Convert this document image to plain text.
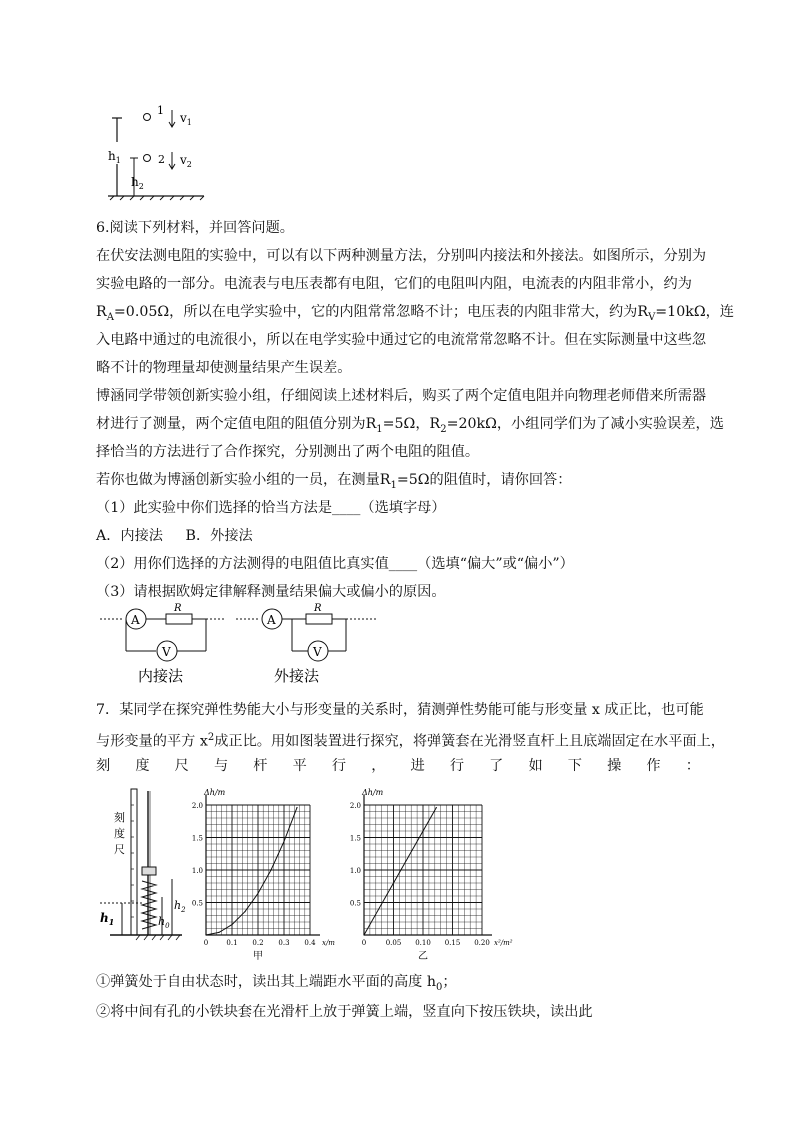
$h_1$
1
$v_1$
2 $v_2$
$h_2$
6.阅读下列材料，并回答问题。
在伏安法测电阻的实验中，可以有以下两种测量方法，分别叫内接法和外接法。如图所示，分别为
实验电路的一部分。电流表与电压表都有电阻，它们的电阻叫内阻，电流表的内阻非常小，约为
$R_A=0.05\Omega$，所以在电学实验中，它的内阻常常忽略不计；电压表的内阻非常大，约为$R_V=10k\Omega$，连
入电路中通过的电流很小，所以在电学实验中通过它的电流常常忽略不计。但在实际测量中这些忽
略不计的物理量却使测量结果产生误差。
博涵同学带领创新实验小组，仔细阅读上述材料后，购买了两个定值电阻并向物理老师借来所需器
材进行了测量，两个定值电阻的阻值分别为$R_1=5\Omega$，$R_2=20k\Omega$，小组同学们为了减小实验误差，选
择恰当的方法进行了合作探究，分别测出了两个电阻的阻值。
若你也做为博涵创新实验小组的一员，在测量$R_1=5\Omega$的阻值时，请你回答：
（1）此实验中你们选择的恰当方法是____（选填字母）
A．内接法     B．外接法
（2）用你们选择的方法测得的电阻值比真实值____（选填“偏大”或“偏小”）
（3）请根据欧姆定律解释测量结果偏大或偏小的原因。
A
V
R
内接法
A
V
R
外接法
7．某同学在探究弹性势能大小与形变量的关系时，猜测弹性势能可能与形变量 x 成正比，也可能
与形变量的平方 $x^2$成正比。用如图装置进行探究，将弹簧套在光滑竖直杆上且底端固定在水平面上，
刻 度 尺 与 杆 平 行 ， 进 行 了 如 下 操 作 ：
刻
度
尺
$h_1$
$h_2$
$h_0$
Δh/m
0.5
1.0
1.5
2.0
0	0.1 0.2 0.3 0.4 x/m
甲
Δh/m
0.5
1.0
1.5
2.0
0	0.05 0.10 0.15 0.20 x²/m²
乙
①弹簧处于自由状态时，读出其上端距水平面的高度 $h_0$；
②将中间有孔的小铁块套在光滑杆上放于弹簧上端，竖直向下按压铁块，读出此
